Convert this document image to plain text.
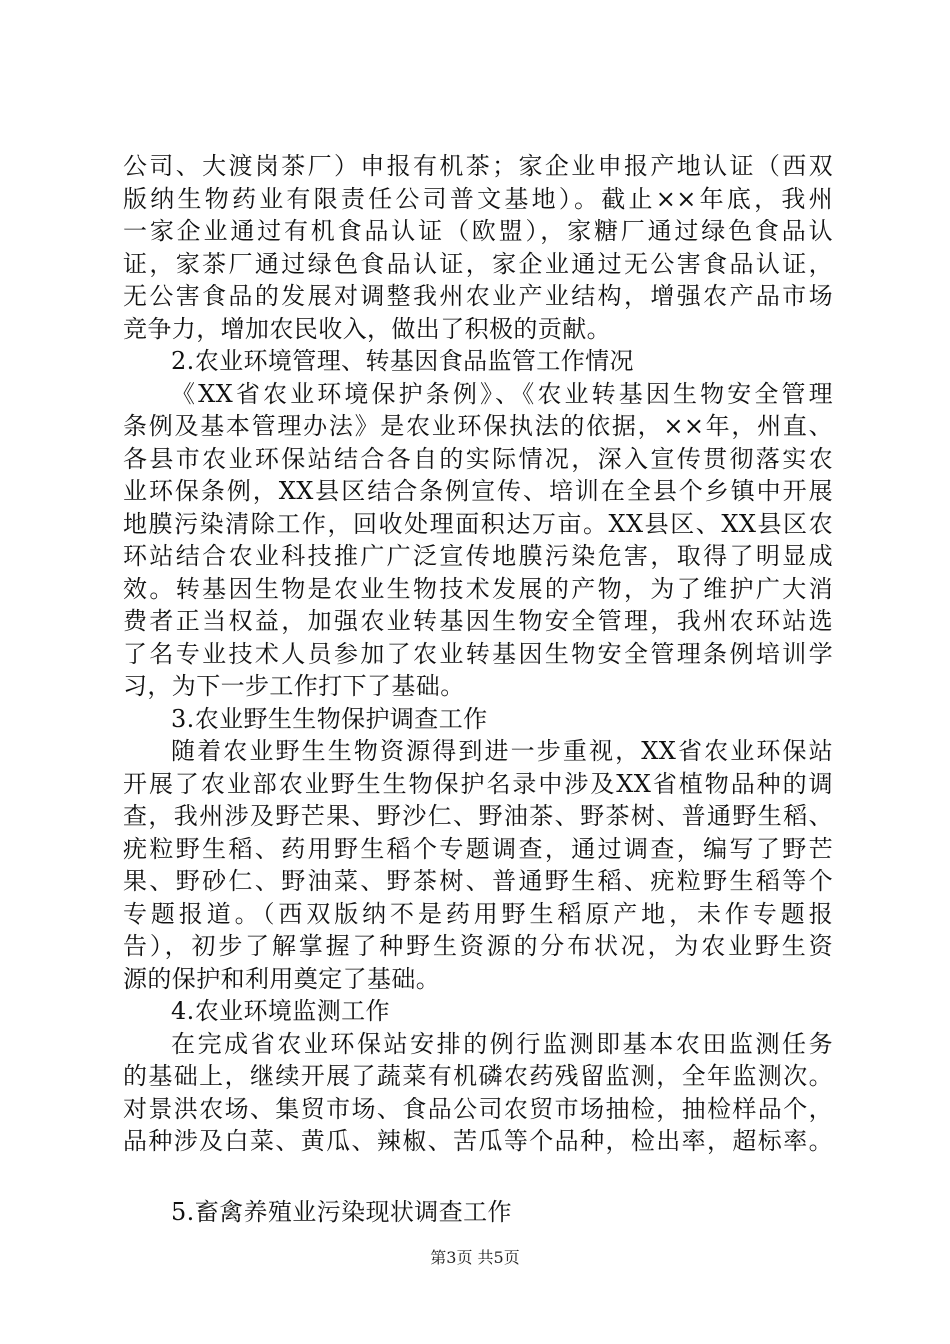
公司、大渡岗茶厂）申报有机茶；家企业申报产地认证（西双
版纳生物药业有限责任公司普文基地）。截止××年底，我州
一家企业通过有机食品认证（欧盟），家糖厂通过绿色食品认
证，家茶厂通过绿色食品认证，家企业通过无公害食品认证，
无公害食品的发展对调整我州农业产业结构，增强农产品市场
竞争力，增加农民收入，做出了积极的贡献。
2.农业环境管理、转基因食品监管工作情况
《XX省农业环境保护条例》、《农业转基因生物安全管理
条例及基本管理办法》是农业环保执法的依据，××年，州直、
各县市农业环保站结合各自的实际情况，深入宣传贯彻落实农
业环保条例，XX县区结合条例宣传、培训在全县个乡镇中开展
地膜污染清除工作，回收处理面积达万亩。XX县区、XX县区农
环站结合农业科技推广广泛宣传地膜污染危害，取得了明显成
效。转基因生物是农业生物技术发展的产物，为了维护广大消
费者正当权益，加强农业转基因生物安全管理，我州农环站选
了名专业技术人员参加了农业转基因生物安全管理条例培训学
习，为下一步工作打下了基础。
3.农业野生生物保护调查工作
随着农业野生生物资源得到进一步重视，XX省农业环保站
开展了农业部农业野生生物保护名录中涉及XX省植物品种的调
查，我州涉及野芒果、野沙仁、野油茶、野茶树、普通野生稻、
疣粒野生稻、药用野生稻个专题调查，通过调查，编写了野芒
果、野砂仁、野油菜、野茶树、普通野生稻、疣粒野生稻等个
专题报道。（西双版纳不是药用野生稻原产地，未作专题报
告），初步了解掌握了种野生资源的分布状况，为农业野生资
源的保护和利用奠定了基础。
4.农业环境监测工作
在完成省农业环保站安排的例行监测即基本农田监测任务
的基础上，继续开展了蔬菜有机磷农药残留监测，全年监测次。
对景洪农场、集贸市场、食品公司农贸市场抽检，抽检样品个，
品种涉及白菜、黄瓜、辣椒、苦瓜等个品种，检出率，超标率。
5.畜禽养殖业污染现状调查工作
第3页 共5页
